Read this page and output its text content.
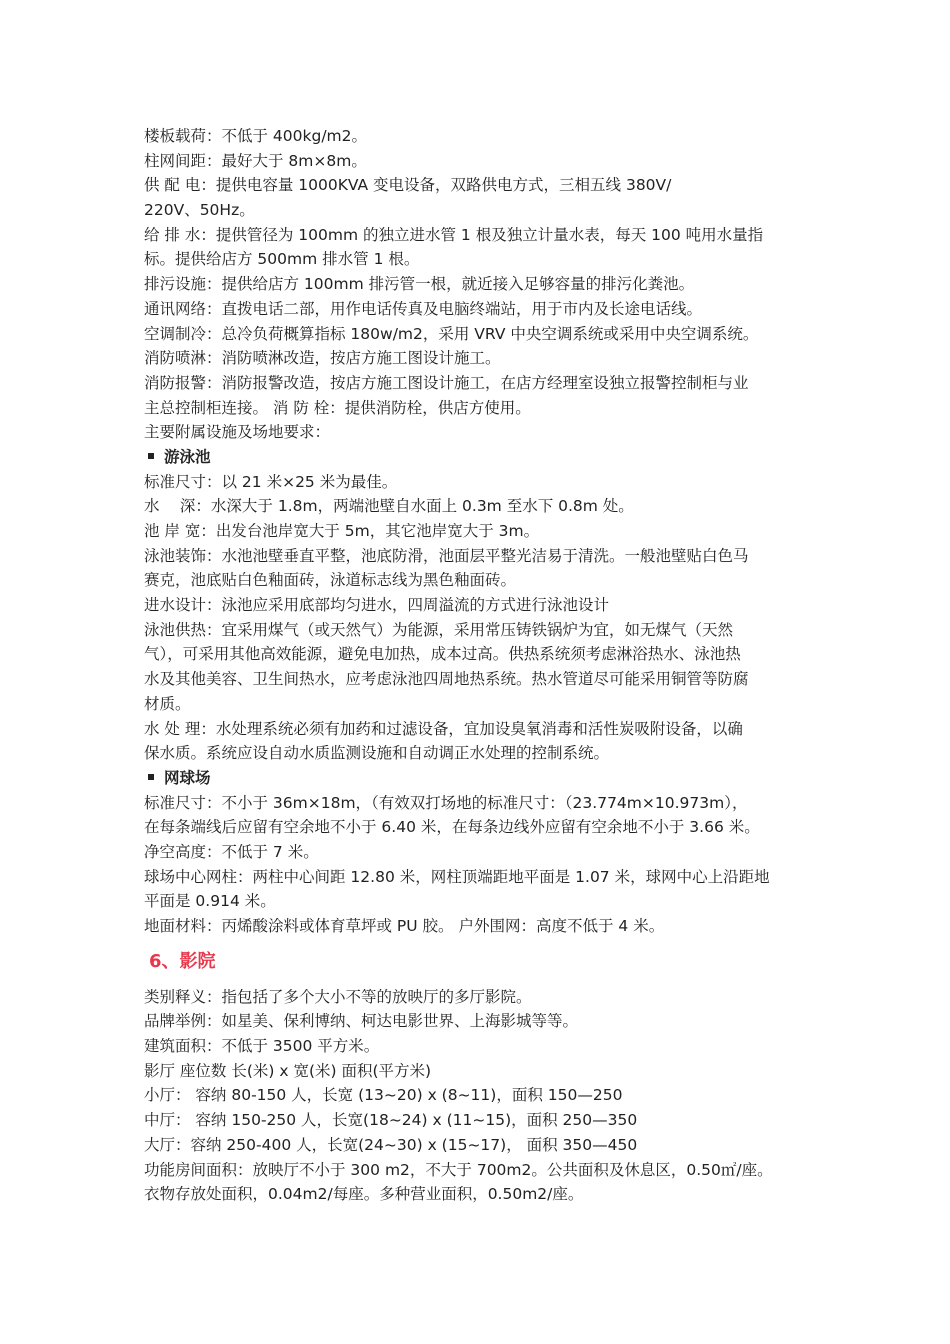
楼板载荷：不低于 400kg/m2。
柱网间距：最好大于 8m×8m。
供 配 电：提供电容量 1000KVA 变电设备，双路供电方式，三相五线 380V/
220V、50Hz。
给 排 水：提供管径为 100mm 的独立进水管 1 根及独立计量水表，每天 100 吨用水量指
标。提供给店方 500mm 排水管 1 根。
排污设施：提供给店方 100mm 排污管一根，就近接入足够容量的排污化粪池。
通讯网络：直拨电话二部，用作电话传真及电脑终端站，用于市内及长途电话线。
空调制冷：总冷负荷概算指标 180w/m2，采用 VRV 中央空调系统或采用中央空调系统。
消防喷淋：消防喷淋改造，按店方施工图设计施工。
消防报警：消防报警改造，按店方施工图设计施工，在店方经理室设独立报警控制柜与业
主总控制柜连接。 消 防 栓：提供消防栓，供店方使用。
主要附属设施及场地要求：
游泳池
标准尺寸：以 21 米×25 米为最佳。
水　 深：水深大于 1.8m，两端池壁自水面上 0.3m 至水下 0.8m 处。
池 岸 宽：出发台池岸宽大于 5m，其它池岸宽大于 3m。
泳池装饰：水池池壁垂直平整，池底防滑，池面层平整光洁易于清洗。一般池壁贴白色马
赛克，池底贴白色釉面砖，泳道标志线为黑色釉面砖。
进水设计：泳池应采用底部均匀进水，四周溢流的方式进行泳池设计
泳池供热：宜采用煤气（或天然气）为能源，采用常压铸铁锅炉为宜，如无煤气（天然
气），可采用其他高效能源，避免电加热，成本过高。供热系统须考虑淋浴热水、泳池热
水及其他美容、卫生间热水，应考虑泳池四周地热系统。热水管道尽可能采用铜管等防腐
材质。
水 处 理：水处理系统必须有加药和过滤设备，宜加设臭氧消毒和活性炭吸附设备，以确
保水质。系统应设自动水质监测设施和自动调正水处理的控制系统。
网球场
标准尺寸：不小于 36m×18m，（有效双打场地的标准尺寸：（23.774m×10.973m），
在每条端线后应留有空余地不小于 6.40 米，在每条边线外应留有空余地不小于 3.66 米。
净空高度：不低于 7 米。
球场中心网柱：两柱中心间距 12.80 米，网柱顶端距地平面是 1.07 米，球网中心上沿距地
平面是 0.914 米。
地面材料：丙烯酸涂料或体育草坪或 PU 胶。 户外围网：高度不低于 4 米。
6、影院
类别释义：指包括了多个大小不等的放映厅的多厅影院。
品牌举例：如星美、保利博纳、柯达电影世界、上海影城等等。
建筑面积：不低于 3500 平方米。
影厅 座位数 长(米) x 宽(米) 面积(平方米)
小厅： 容纳 80-150 人，长宽 (13~20) x (8~11)，面积 150—250
中厅： 容纳 150-250 人，长宽(18~24) x (11~15)，面积 250—350
大厅：容纳 250-400 人，长宽(24~30) x (15~17)， 面积 350—450
功能房间面积：放映厅不小于 300 m2，不大于 700m2。公共面积及休息区，0.50㎡/座。
衣物存放处面积，0.04m2/每座。多种营业面积，0.50m2/座。
